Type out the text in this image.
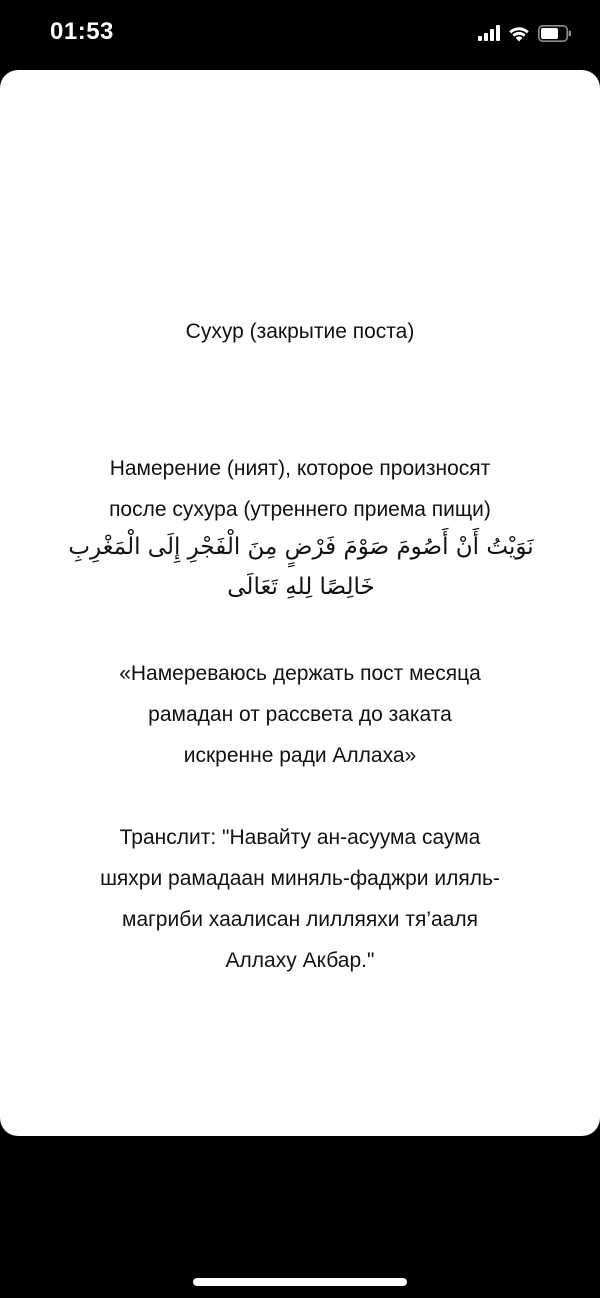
01:53
Сухур (закрытие поста)
Намерение (ният), которое произносят
после сухура (утреннего приема пищи)
نَوَيْتُ أَنْ أَصُومَ صَوْمَ فَرْضٍ مِنَ الْفَجْرِ إِلَى الْمَغْرِبِ خَالِصًا لِلهِ تَعَالَى
«Намереваюсь держать пост месяца
рамадан от рассвета до заката
искренне ради Аллаха»
Транслит: "Навайту ан-асуума саума
шяхри рамадаан миняль-фаджри иляль-
магриби хаалисан лилляяхи тя’ааля
Аллаху Акбар."
